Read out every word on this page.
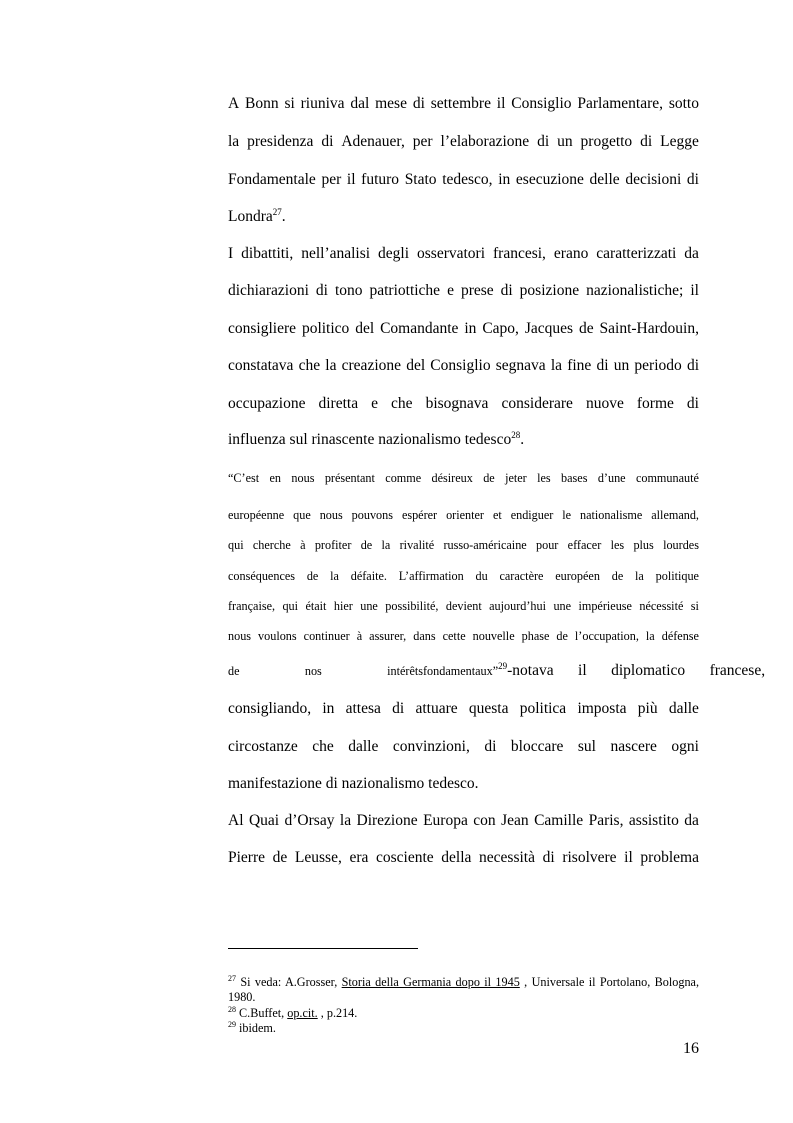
A Bonn si riuniva dal mese di settembre il Consiglio Parlamentare, sotto
la presidenza di Adenauer, per l’elaborazione di un progetto di Legge
Fondamentale per il futuro Stato tedesco, in esecuzione delle decisioni di
Londra$^{27}$.
I dibattiti, nell’analisi degli osservatori francesi, erano caratterizzati da
dichiarazioni di tono patriottiche e prese di posizione nazionalistiche; il
consigliere politico del Comandante in Capo, Jacques de Saint-Hardouin,
constatava che la creazione del Consiglio segnava la fine di un periodo di
occupazione diretta e che bisognava considerare nuove forme di
influenza sul rinascente nazionalismo tedesco$^{28}$.
“C’est en nous présentant comme désireux de jeter les bases d’une communauté
européenne que nous pouvons espérer orienter et endiguer le nationalisme allemand,
qui cherche à profiter de la rivalité russo-américaine pour effacer les plus lourdes
conséquences de la défaite. L’affirmation du caractère européen de la politique
française, qui était hier une possibilité, devient aujourd’hui une impérieuse nécessité si
nous voulons continuer à assurer, dans cette nouvelle phase de l’occupation, la défense
de	nos	intérêts fondamentaux”$^{29}$ -notava il diplomatico francese,
consigliando, in attesa di attuare questa politica imposta più dalle
circostanze che dalle convinzioni, di bloccare sul nascere ogni
manifestazione di nazionalismo tedesco.
Al Quai d’Orsay la Direzione Europa con Jean Camille Paris, assistito da
Pierre de Leusse, era cosciente della necessità di risolvere il problema
$^{27}$ Si veda: A.Grosser, Storia della Germania dopo il 1945 , Universale il Portolano, Bologna, 1980.
$^{28}$ C.Buffet, op.cit. , p.214.
$^{29}$ ibidem.
16
